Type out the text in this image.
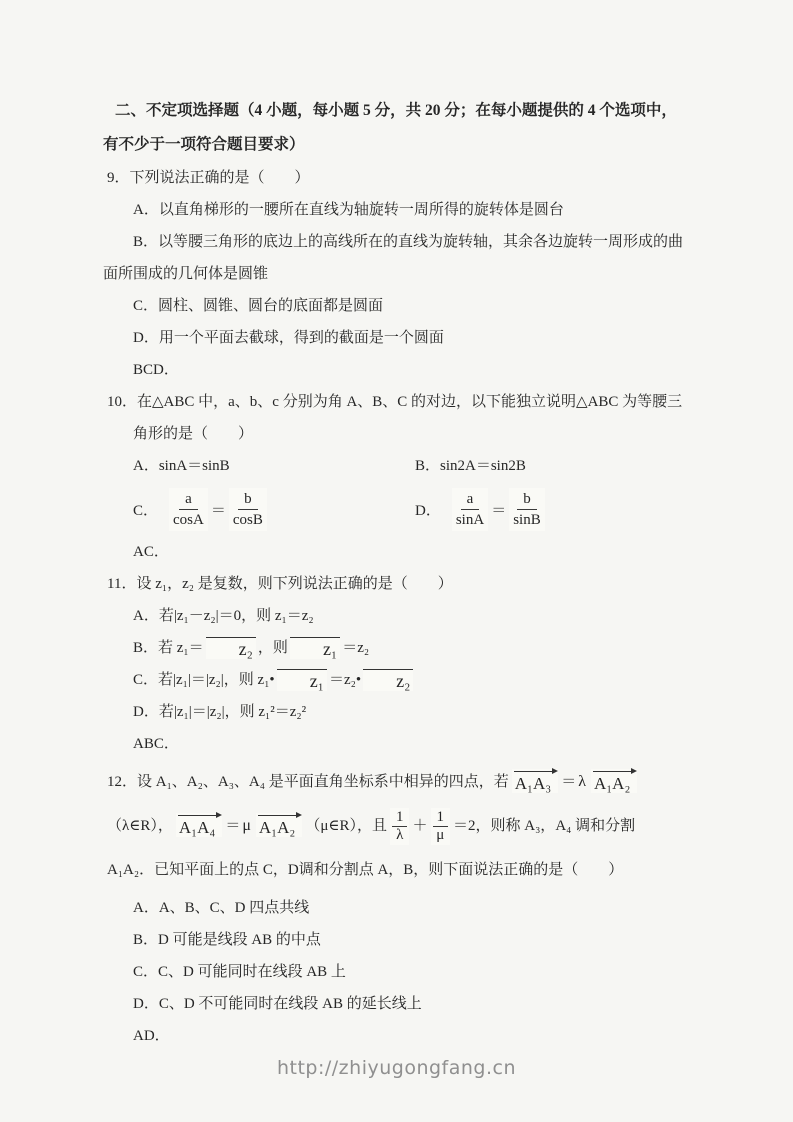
二、不定项选择题（4 小题，每小题 5 分，共 20 分；在每小题提供的 4 个选项中，有不少于一项符合题目要求）

9．下列说法正确的是（　　）

A．以直角梯形的一腰所在直线为轴旋转一周所得的旋转体是圆台

B．以等腰三角形的底边上的高线所在的直线为旋转轴，其余各边旋转一周形成的曲面所围成的几何体是圆锥

C．圆柱、圆锥、圆台的底面都是圆面

D．用一个平面去截球，得到的截面是一个圆面

BCD．

10．在△ABC 中，a、b、c 分别为角 A、B、C 的对边，以下能独立说明△ABC 为等腰三角形的是（　　）

A．sinA＝sinB	B．sin2A＝sin2B

C． $\frac{a}{\cos A} = \frac{b}{\cos B}$	D． $\frac{a}{\sin A} = \frac{b}{\sin B}$

AC．

11．设 z₁，z₂ 是复数，则下列说法正确的是（　　）

A．若|z₁－z₂|＝0，则 z₁＝z₂

B．若 z₁＝ z₂ ，则 z₁ ＝z₂

C．若|z₁|＝|z₂|，则 z₁• z₁ ＝z₂• z₂

D．若|z₁|＝|z₂|，则 z₁²＝z₂²

ABC．

12．设 A₁、A₂、A₃、A₄ 是平面直角坐标系中相异的四点，若 A₁A₃ ＝ λ A₁A₂（λ∈R）， A₁A₄ ＝ μ A₁A₂ （μ∈R），且 $\frac{1}{\lambda} + \frac{1}{\mu} =2$，则称 A₃，A₄ 调和分割 A₁A₂．已知平面上的点 C，D调和分割点 A，B，则下面说法正确的是（　　）

A．A、B、C、D 四点共线

B．D 可能是线段 AB 的中点

C．C、D 可能同时在线段 AB 上

D．C、D 不可能同时在线段 AB 的延长线上

AD．

http://zhiyugongfang.cn
